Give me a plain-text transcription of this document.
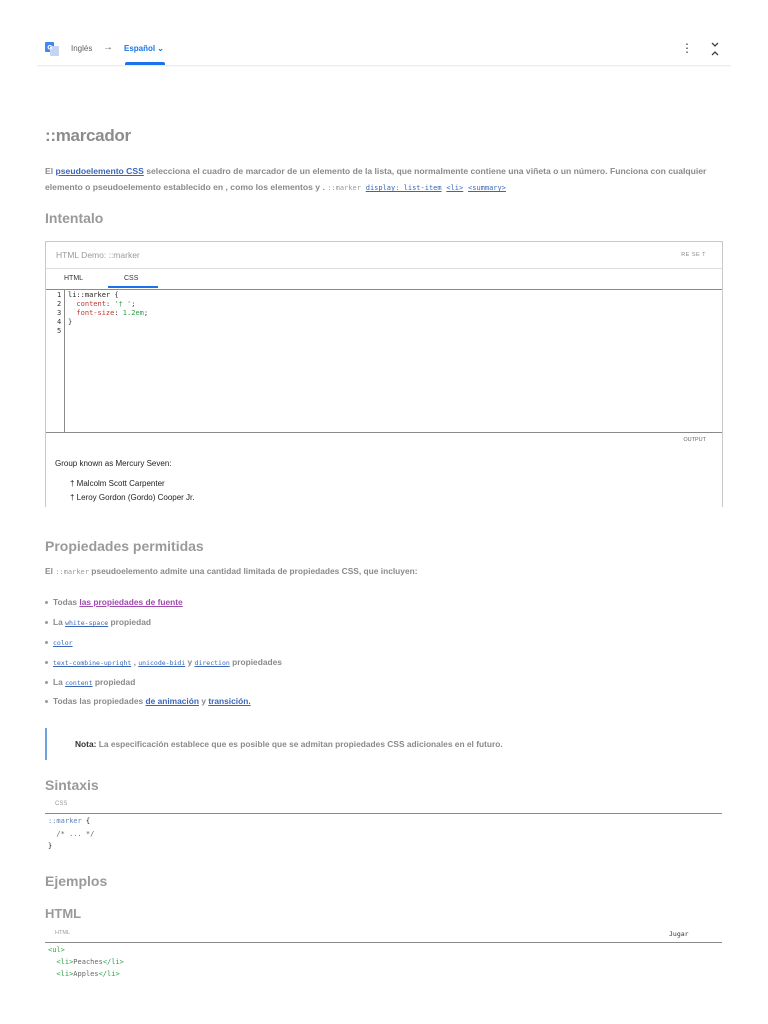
G Inglés → Español ⌄	⋮
::marcador
El pseudoelemento CSS selecciona el cuadro de marcador de un elemento de la lista, que normalmente contiene una viñeta o un número. Funciona con cualquier elemento o pseudoelemento establecido en , como los elementos y . ::marker display: list-item <li> <summary>
Intentalo
HTML Demo: ::marker	RE SE T
HTML	CSS
1
2
3
4
5
li::marker {
content: '† ';
font-size: 1.2em;
}
OUTPUT
Group known as Mercury Seven:
† Malcolm Scott Carpenter
† Leroy Gordon (Gordo) Cooper Jr.
Propiedades permitidas
El ::marker pseudoelemento admite una cantidad limitada de propiedades CSS, que incluyen:
Todas las propiedades de fuente
La white-space propiedad
color
text-combine-upright , unicode-bidi y direction propiedades
La content propiedad
Todas las propiedades de animación y transición.
Nota: La especificación establece que es posible que se admitan propiedades CSS adicionales en el futuro.
Sintaxis
CSS
::marker {
/* ... */
}
Ejemplos
HTML
HTML	Jugar
<ul>
<li>Peaches</li>
<li>Apples</li>
